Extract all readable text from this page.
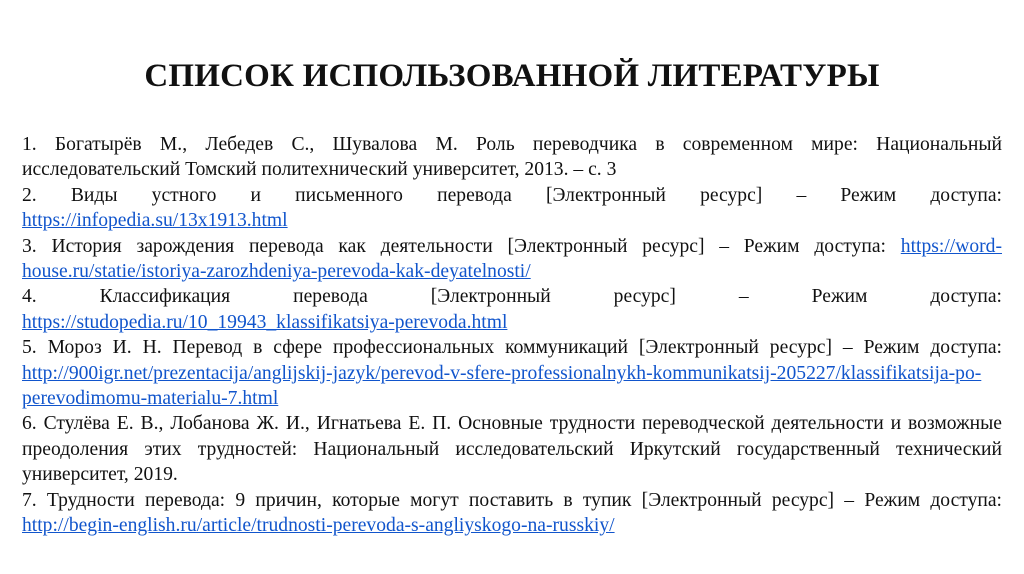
СПИСОК ИСПОЛЬЗОВАННОЙ ЛИТЕРАТУРЫ
1. Богатырёв М., Лебедев С., Шувалова М. Роль переводчика в современном мире: Национальный исследовательский Томский политехнический университет, 2013. – с. 3
2. Виды устного и письменного перевода [Электронный ресурс] – Режим доступа:
https://infopedia.su/13x1913.html
3. История зарождения перевода как деятельности [Электронный ресурс] – Режим доступа: https://word-house.ru/statie/istoriya-zarozhdeniya-perevoda-kak-deyatelnosti/
4. Классификация перевода [Электронный ресурс] – Режим доступа:
https://studopedia.ru/10_19943_klassifikatsiya-perevoda.html
5. Мороз И. Н. Перевод в сфере профессиональных коммуникаций [Электронный ресурс] – Режим доступа: http://900igr.net/prezentacija/anglijskij-jazyk/perevod-v-sfere-professionalnykh-kommunikatsij-205227/klassifikatsija-po-perevodimomu-materialu-7.html
6. Стулёва Е. В., Лобанова Ж. И., Игнатьева Е. П. Основные трудности переводческой деятельности и возможные преодоления этих трудностей: Национальный исследовательский Иркутский государственный технический университет, 2019.
7. Трудности перевода: 9 причин, которые могут поставить в тупик [Электронный ресурс] – Режим доступа: http://begin-english.ru/article/trudnosti-perevoda-s-angliyskogo-na-russkiy/
